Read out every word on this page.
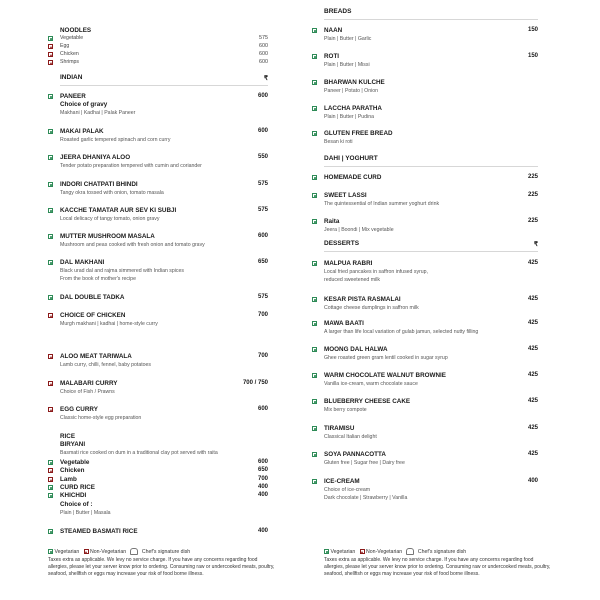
NOODLES
Vegetable	575
Egg	600
Chicken	600
Shrimps	600
INDIAN	₹
PANEER	600
Choice of gravy
Makhani | Kadhai | Palak Paneer
MAKAI PALAK	600
Roasted garlic tempered spinach and corn curry
JEERA DHANIYA ALOO	550
Tender potato preparation tempered with cumin and coriander
INDORI CHATPATI BHINDI	575
Tangy okra tossed with onion, tomato masala
KACCHE TAMATAR AUR SEV KI SUBJI	575
Local delicacy of tangy tomato, onion gravy
MUTTER MUSHROOM MASALA	600
Mushroom and peas cooked with fresh onion and tomato gravy
DAL MAKHANI	650
Black urad dal and rajma simmered with Indian spices
From the book of mother's recipe
DAL DOUBLE TADKA	575
CHOICE OF CHICKEN	700
Murgh makhani | kadhai | home-style curry
ALOO MEAT TARIWALA	700
Lamb curry, chilli, fennel, baby potatoes
MALABARI CURRY	700 / 750
Choice of Fish / Prawns
EGG CURRY	600
Classic home-style egg preparation
RICE
BIRYANI
Basmati rice cooked on dum in a traditional clay pot served with raita
Vegetable	600
Chicken	650
Lamb	700
CURD RICE	400
KHICHDI	400
Choice of :
Plain | Butter | Masala
STEAMED BASMATI RICE	400
Vegetarian Non-Vegetarian	Chef's signature dish
Taxes extra as applicable. We levy no service charge. If you have any concerns regarding food allergies, please let your server know prior to ordering. Consuming raw or undercooked meats, poultry, seafood, shellfish or eggs may increase your risk of food borne illness.
BREADS
NAAN	150
Plain | Butter | Garlic
ROTI	150
Plain | Butter | Missi
BHARWAN KULCHE
Paneer | Potato | Onion
LACCHA PARATHA
Plain | Butter | Pudina
GLUTEN FREE BREAD
Besan ki roti
DAHI | YOGHURT
HOMEMADE CURD	225
SWEET LASSI	225
The quintessential of Indian summer yoghurt drink
Raita	225
Jeera | Boondi | Mix vegetable
DESSERTS	₹
MALPUA RABRI	425
Local fried pancakes in saffron infused syrup,
reduced sweetened milk
KESAR PISTA RASMALAI	425
Cottage cheese dumplings in saffron milk
MAWA BAATI	425
A larger than life local variation of gulab jamun, selected nutty filling
MOONG DAL HALWA	425
Ghee roasted green gram lentil cooked in sugar syrup
WARM CHOCOLATE WALNUT BROWNIE	425
Vanilla ice-cream, warm chocolate sauce
BLUEBERRY CHEESE CAKE	425
Mix berry compote
TIRAMISU	425
Classical Italian delight
SOYA PANNACOTTA	425
Gluten free | Sugar free | Dairy free
ICE-CREAM	400
Choice of ice-cream
Dark chocolate | Strawberry | Vanilla
Vegetarian Non-Vegetarian	Chef's signature dish
Taxes extra as applicable. We levy no service charge. If you have any concerns regarding food allergies, please let your server know prior to ordering. Consuming raw or undercooked meats, poultry, seafood, shellfish or eggs may increase your risk of food borne illness.
